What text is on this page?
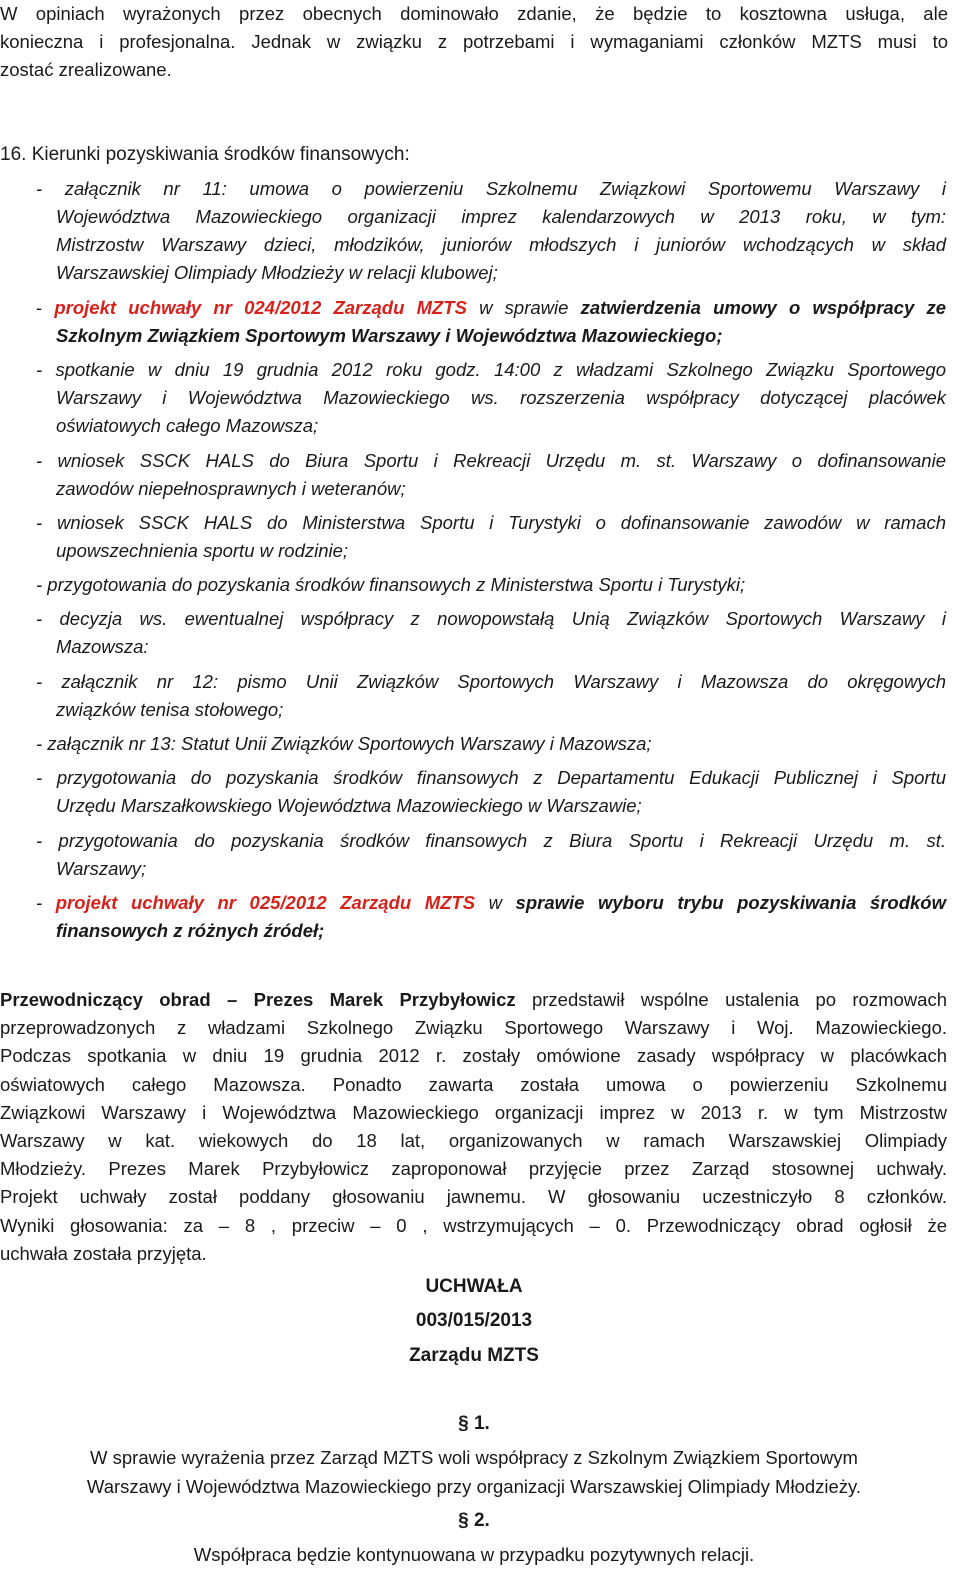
W opiniach wyrażonych przez obecnych dominowało zdanie, że będzie to kosztowna usługa, ale

konieczna i profesjonalna. Jednak w związku z potrzebami i wymaganiami członków MZTS musi to

zostać zrealizowane.

16. Kierunki pozyskiwania środków finansowych:

- załącznik nr 11: umowa o powierzeniu Szkolnemu Związkowi Sportowemu Warszawy i

Województwa Mazowieckiego organizacji imprez kalendarzowych w 2013 roku, w tym:

Mistrzostw Warszawy dzieci, młodzików, juniorów młodszych i juniorów wchodzących w skład

Warszawskiej Olimpiady Młodzieży w relacji klubowej;

- projekt uchwały nr 024/2012 Zarządu MZTS w sprawie zatwierdzenia umowy o współpracy ze

Szkolnym Związkiem Sportowym Warszawy i Województwa Mazowieckiego;

- spotkanie w dniu 19 grudnia 2012 roku godz. 14:00 z władzami Szkolnego Związku Sportowego

Warszawy i Województwa Mazowieckiego ws. rozszerzenia współpracy dotyczącej placówek

oświatowych całego Mazowsza;

- wniosek SSCK HALS do Biura Sportu i Rekreacji Urzędu m. st. Warszawy o dofinansowanie

zawodów niepełnosprawnych i weteranów;

- wniosek SSCK HALS do Ministerstwa Sportu i Turystyki o dofinansowanie zawodów w ramach

upowszechnienia sportu w rodzinie;

- przygotowania do pozyskania środków finansowych z Ministerstwa Sportu i Turystyki;

- decyzja ws. ewentualnej współpracy z nowopowstałą Unią Związków Sportowych Warszawy i

Mazowsza:

- załącznik nr 12: pismo Unii Związków Sportowych Warszawy i Mazowsza do okręgowych

związków tenisa stołowego;

- załącznik nr 13: Statut Unii Związków Sportowych Warszawy i Mazowsza;

- przygotowania do pozyskania środków finansowych z Departamentu Edukacji Publicznej i Sportu

Urzędu Marszałkowskiego Województwa Mazowieckiego w Warszawie;

- przygotowania do pozyskania środków finansowych z Biura Sportu i Rekreacji Urzędu m. st.

Warszawy;

- projekt uchwały nr 025/2012 Zarządu MZTS w sprawie wyboru trybu pozyskiwania środków

finansowych z różnych źródeł;

Przewodniczący obrad – Prezes Marek Przybyłowicz przedstawił wspólne ustalenia po rozmowach

przeprowadzonych z władzami Szkolnego Związku Sportowego Warszawy i Woj. Mazowieckiego.

Podczas spotkania w dniu 19 grudnia 2012 r. zostały omówione zasady współpracy w placówkach

oświatowych całego Mazowsza. Ponadto zawarta została umowa o powierzeniu Szkolnemu

Związkowi Warszawy i Województwa Mazowieckiego organizacji imprez w 2013 r. w tym Mistrzostw

Warszawy w kat. wiekowych do 18 lat, organizowanych w ramach Warszawskiej Olimpiady

Młodzieży. Prezes Marek Przybyłowicz zaproponował przyjęcie przez Zarząd stosownej uchwały.

Projekt uchwały został poddany głosowaniu jawnemu. W głosowaniu uczestniczyło 8 członków.

Wyniki głosowania: za – 8 , przeciw – 0 , wstrzymujących – 0. Przewodniczący obrad ogłosił że

uchwała została przyjęta.

UCHWAŁA
003/015/2013
Zarządu MZTS
§ 1.
W sprawie wyrażenia przez Zarząd MZTS woli współpracy z Szkolnym Związkiem Sportowym
Warszawy i Województwa Mazowieckiego przy organizacji Warszawskiej Olimpiady Młodzieży.
§ 2.
Współpraca będzie kontynuowana w przypadku pozytywnych relacji.
